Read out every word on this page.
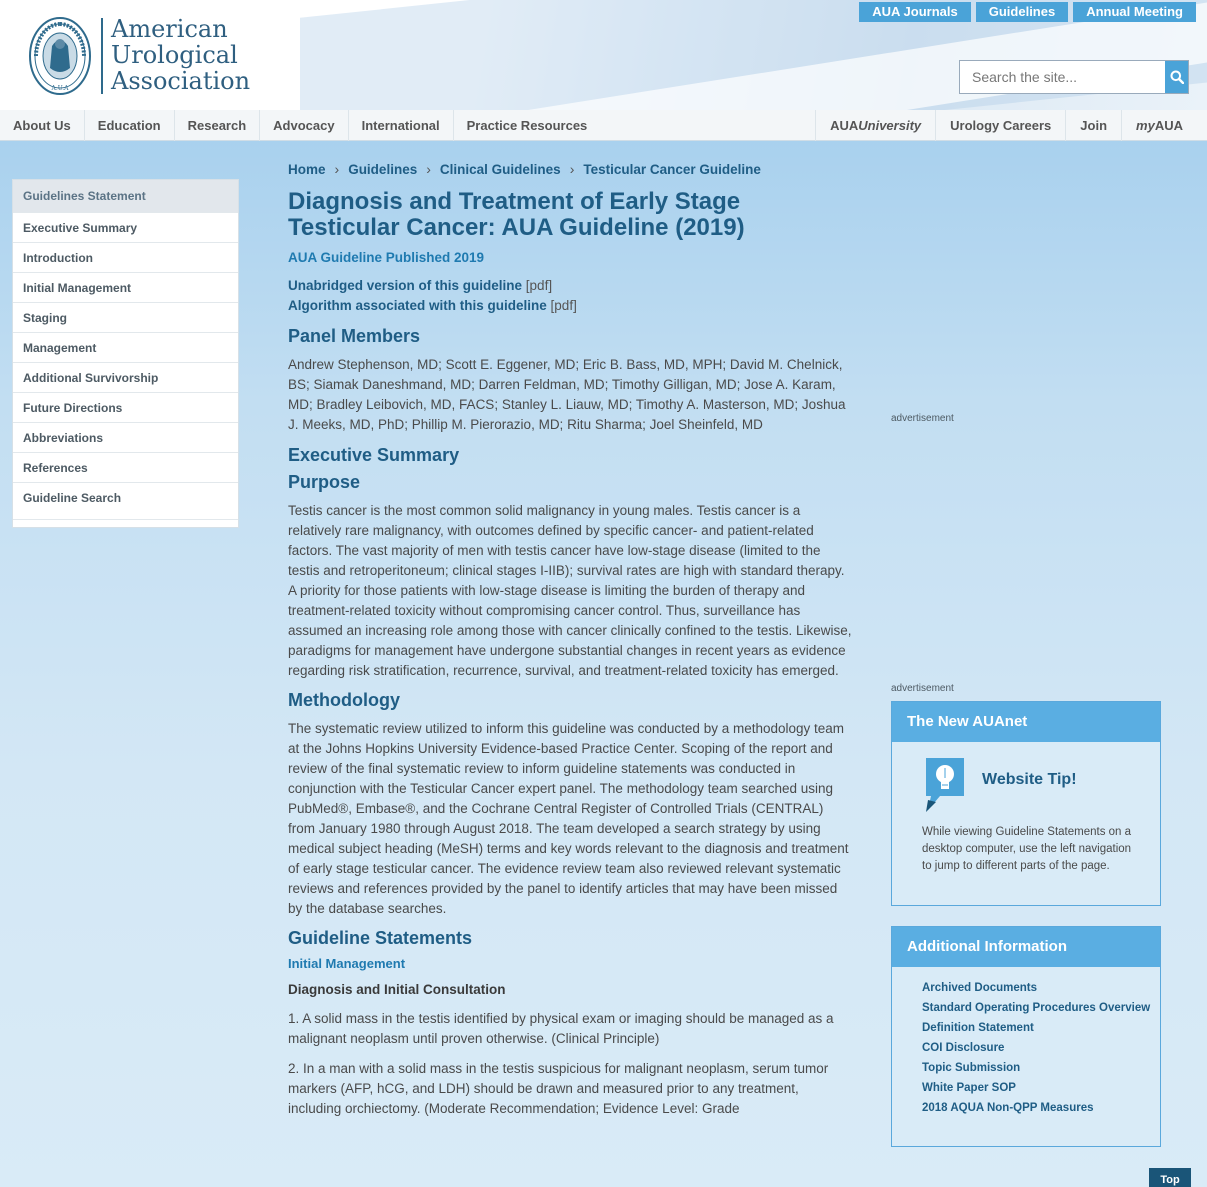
A.U.A
American
Urological
Association
AUA Journals	Guidelines	Annual Meeting
Search the site...
About Us	Education	Research	Advocacy	International	Practice Resources	AUAUniversity	Urology Careers	Join	myAUA
Guidelines Statement
Executive Summary
Introduction
Initial Management
Staging
Management
Additional Survivorship
Future Directions
Abbreviations
References
Guideline Search
Home › Guidelines › Clinical Guidelines › Testicular Cancer Guideline
Diagnosis and Treatment of Early Stage Testicular Cancer: AUA Guideline (2019)
AUA Guideline Published 2019
Unabridged version of this guideline [pdf]
Algorithm associated with this guideline [pdf]
Panel Members
Andrew Stephenson, MD; Scott E. Eggener, MD; Eric B. Bass, MD, MPH; David M. Chelnick, BS; Siamak Daneshmand, MD; Darren Feldman, MD; Timothy Gilligan, MD; Jose A. Karam, MD; Bradley Leibovich, MD, FACS; Stanley L. Liauw, MD; Timothy A. Masterson, MD; Joshua J. Meeks, MD, PhD; Phillip M. Pierorazio, MD; Ritu Sharma; Joel Sheinfeld, MD
Executive Summary
Purpose
Testis cancer is the most common solid malignancy in young males. Testis cancer is a relatively rare malignancy, with outcomes defined by specific cancer- and patient-related factors. The vast majority of men with testis cancer have low-stage disease (limited to the testis and retroperitoneum; clinical stages I-IIB); survival rates are high with standard therapy. A priority for those patients with low-stage disease is limiting the burden of therapy and treatment-related toxicity without compromising cancer control. Thus, surveillance has assumed an increasing role among those with cancer clinically confined to the testis. Likewise, paradigms for management have undergone substantial changes in recent years as evidence regarding risk stratification, recurrence, survival, and treatment-related toxicity has emerged.
Methodology
The systematic review utilized to inform this guideline was conducted by a methodology team at the Johns Hopkins University Evidence-based Practice Center. Scoping of the report and review of the final systematic review to inform guideline statements was conducted in conjunction with the Testicular Cancer expert panel. The methodology team searched using PubMed®, Embase®, and the Cochrane Central Register of Controlled Trials (CENTRAL) from January 1980 through August 2018. The team developed a search strategy by using medical subject heading (MeSH) terms and key words relevant to the diagnosis and treatment of early stage testicular cancer. The evidence review team also reviewed relevant systematic reviews and references provided by the panel to identify articles that may have been missed by the database searches.
Guideline Statements
Initial Management
Diagnosis and Initial Consultation
1. A solid mass in the testis identified by physical exam or imaging should be managed as a malignant neoplasm until proven otherwise. (Clinical Principle)
2. In a man with a solid mass in the testis suspicious for malignant neoplasm, serum tumor markers (AFP, hCG, and LDH) should be drawn and measured prior to any treatment, including orchiectomy. (Moderate Recommendation; Evidence Level: Grade
advertisement
advertisement
The New AUAnet
Website Tip!
While viewing Guideline Statements on a desktop computer, use the left navigation to jump to different parts of the page.
Additional Information
Archived Documents
Standard Operating Procedures Overview
Definition Statement
COI Disclosure
Topic Submission
White Paper SOP
2018 AQUA Non-QPP Measures
Top
